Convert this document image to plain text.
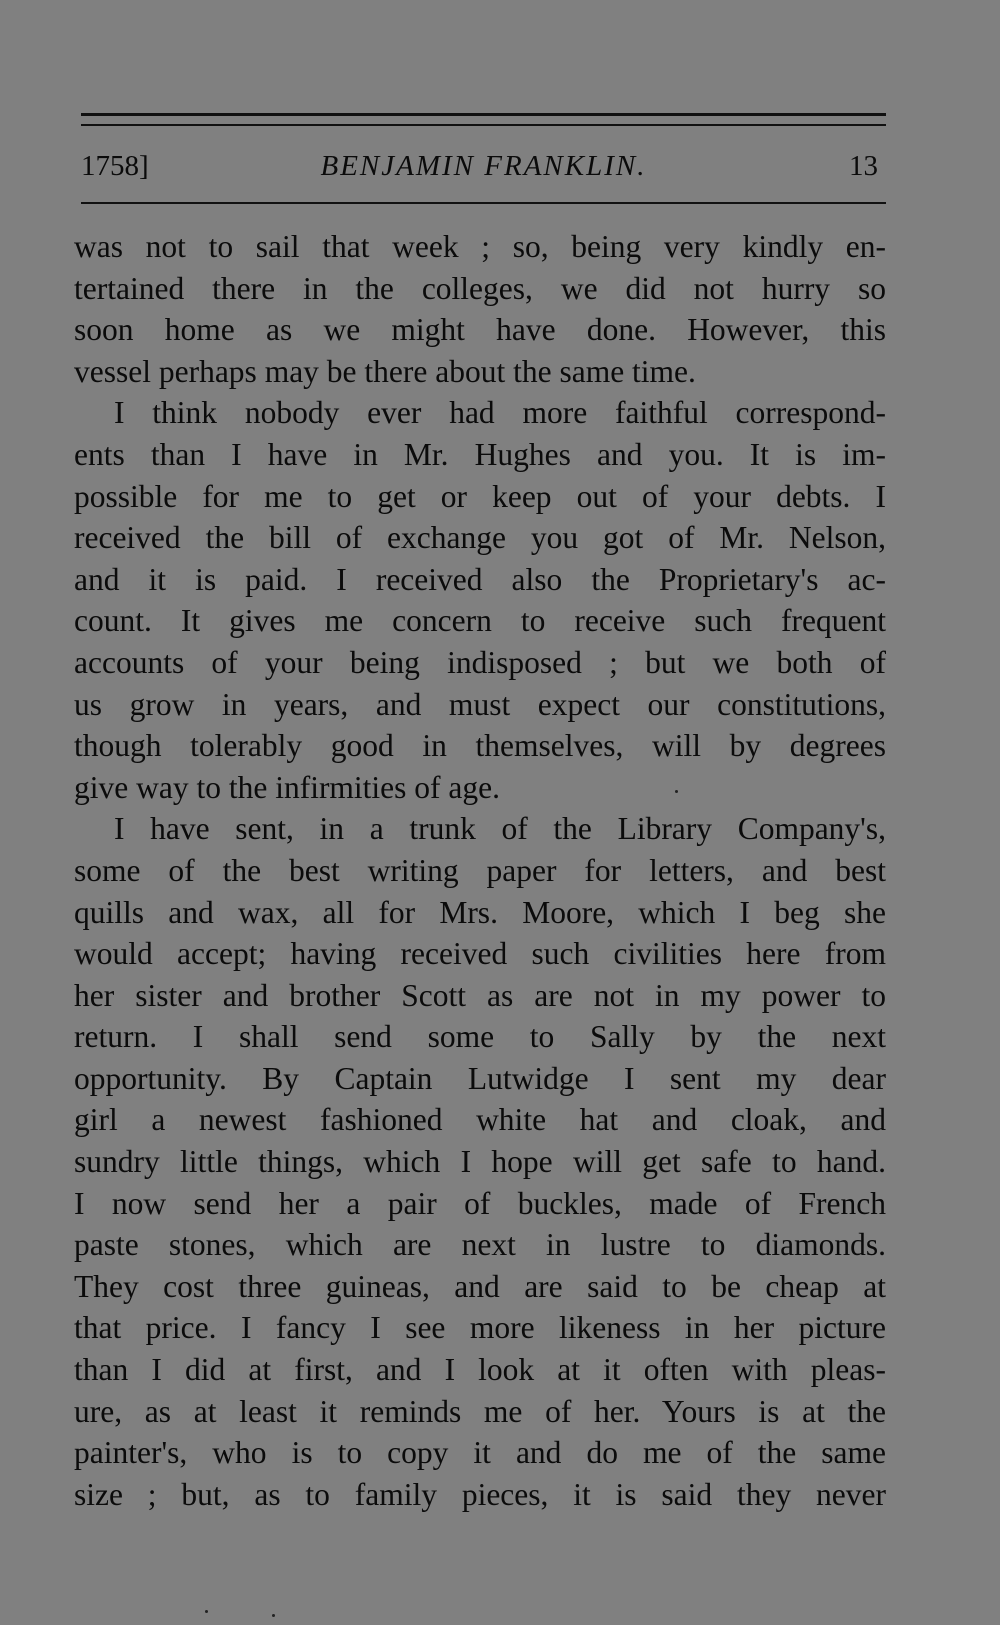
1758]	BENJAMIN FRANKLIN.	13
was not to sail that week ; so, being very kindly en-
tertained there in the colleges, we did not hurry so
soon home as we might have done. However, this
vessel perhaps may be there about the same time.
I think nobody ever had more faithful correspond-
ents than I have in Mr. Hughes and you. It is im-
possible for me to get or keep out of your debts. I
received the bill of exchange you got of Mr. Nelson,
and it is paid. I received also the Proprietary's ac-
count. It gives me concern to receive such frequent
accounts of your being indisposed ; but we both of
us grow in years, and must expect our constitutions,
though tolerably good in themselves, will by degrees
give way to the infirmities of age.
I have sent, in a trunk of the Library Company's,
some of the best writing paper for letters, and best
quills and wax, all for Mrs. Moore, which I beg she
would accept; having received such civilities here from
her sister and brother Scott as are not in my power to
return. I shall send some to Sally by the next
opportunity. By Captain Lutwidge I sent my dear
girl a newest fashioned white hat and cloak, and
sundry little things, which I hope will get safe to hand.
I now send her a pair of buckles, made of French
paste stones, which are next in lustre to diamonds.
They cost three guineas, and are said to be cheap at
that price. I fancy I see more likeness in her picture
than I did at first, and I look at it often with pleas-
ure, as at least it reminds me of her. Yours is at the
painter's, who is to copy it and do me of the same
size ; but, as to family pieces, it is said they never
